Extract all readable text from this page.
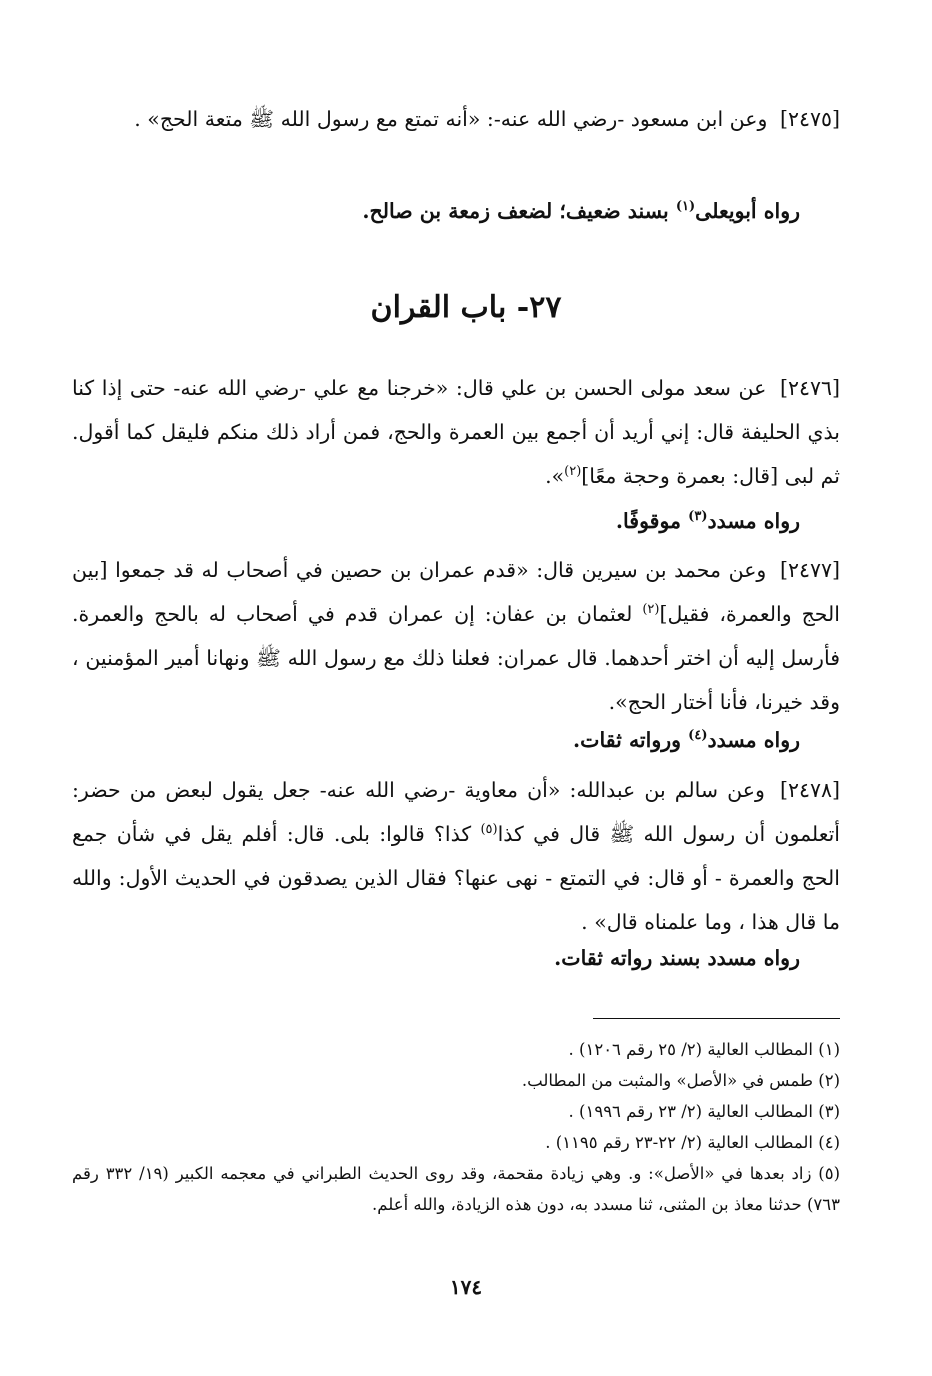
[٢٤٧٥] وعن ابن مسعود -رضي الله عنه-: «أنه تمتع مع رسول الله ﷺ متعة الحج» .
رواه أبويعلى$^{(١)}$ بسند ضعيف؛ لضعف زمعة بن صالح.
٢٧- باب القران
[٢٤٧٦] عن سعد مولى الحسن بن علي قال: «خرجنا مع علي -رضي الله عنه- حتى إذا كنا بذي الحليفة قال: إني أريد أن أجمع بين العمرة والحج، فمن أراد ذلك منكم فليقل كما أقول. ثم لبى [قال: بعمرة وحجة معًا]$^{(٢)}$».
رواه مسدد$^{(٣)}$ موقوفًا.
[٢٤٧٧] وعن محمد بن سيرين قال: «قدم عمران بن حصين في أصحاب له قد جمعوا [بين الحج والعمرة، فقيل]$^{(٢)}$ لعثمان بن عفان: إن عمران قدم في أصحاب له بالحج والعمرة. فأرسل إليه أن اختر أحدهما. قال عمران: فعلنا ذلك مع رسول الله ﷺ ونهانا أمير المؤمنين ، وقد خيرنا، فأنا أختار الحج».
رواه مسدد$^{(٤)}$ ورواته ثقات.
[٢٤٧٨] وعن سالم بن عبدالله: «أن معاوية -رضي الله عنه- جعل يقول لبعض من حضر: أتعلمون أن رسول الله ﷺ قال في كذا$^{(٥)}$ كذا؟ قالوا: بلى. قال: أفلم يقل في شأن جمع الحج والعمرة - أو قال: في التمتع - نهى عنها؟ فقال الذين يصدقون في الحديث الأول: والله ما قال هذا ، وما علمناه قال» .
رواه مسدد بسند رواته ثقات.
(١) المطالب العالية (٢/ ٢٥ رقم ١٢٠٦) .
(٢) طمس في «الأصل» والمثبت من المطالب.
(٣) المطالب العالية (٢/ ٢٣ رقم ١٩٩٦) .
(٤) المطالب العالية (٢/ ٢٢-٢٣ رقم ١١٩٥) .
(٥) زاد بعدها في «الأصل»: و. وهي زيادة مقحمة، وقد روى الحديث الطبراني في معجمه الكبير (١٩/ ٣٣٢ رقم ٧٦٣) حدثنا معاذ بن المثنى، ثنا مسدد به، دون هذه الزيادة، والله أعلم.
١٧٤
